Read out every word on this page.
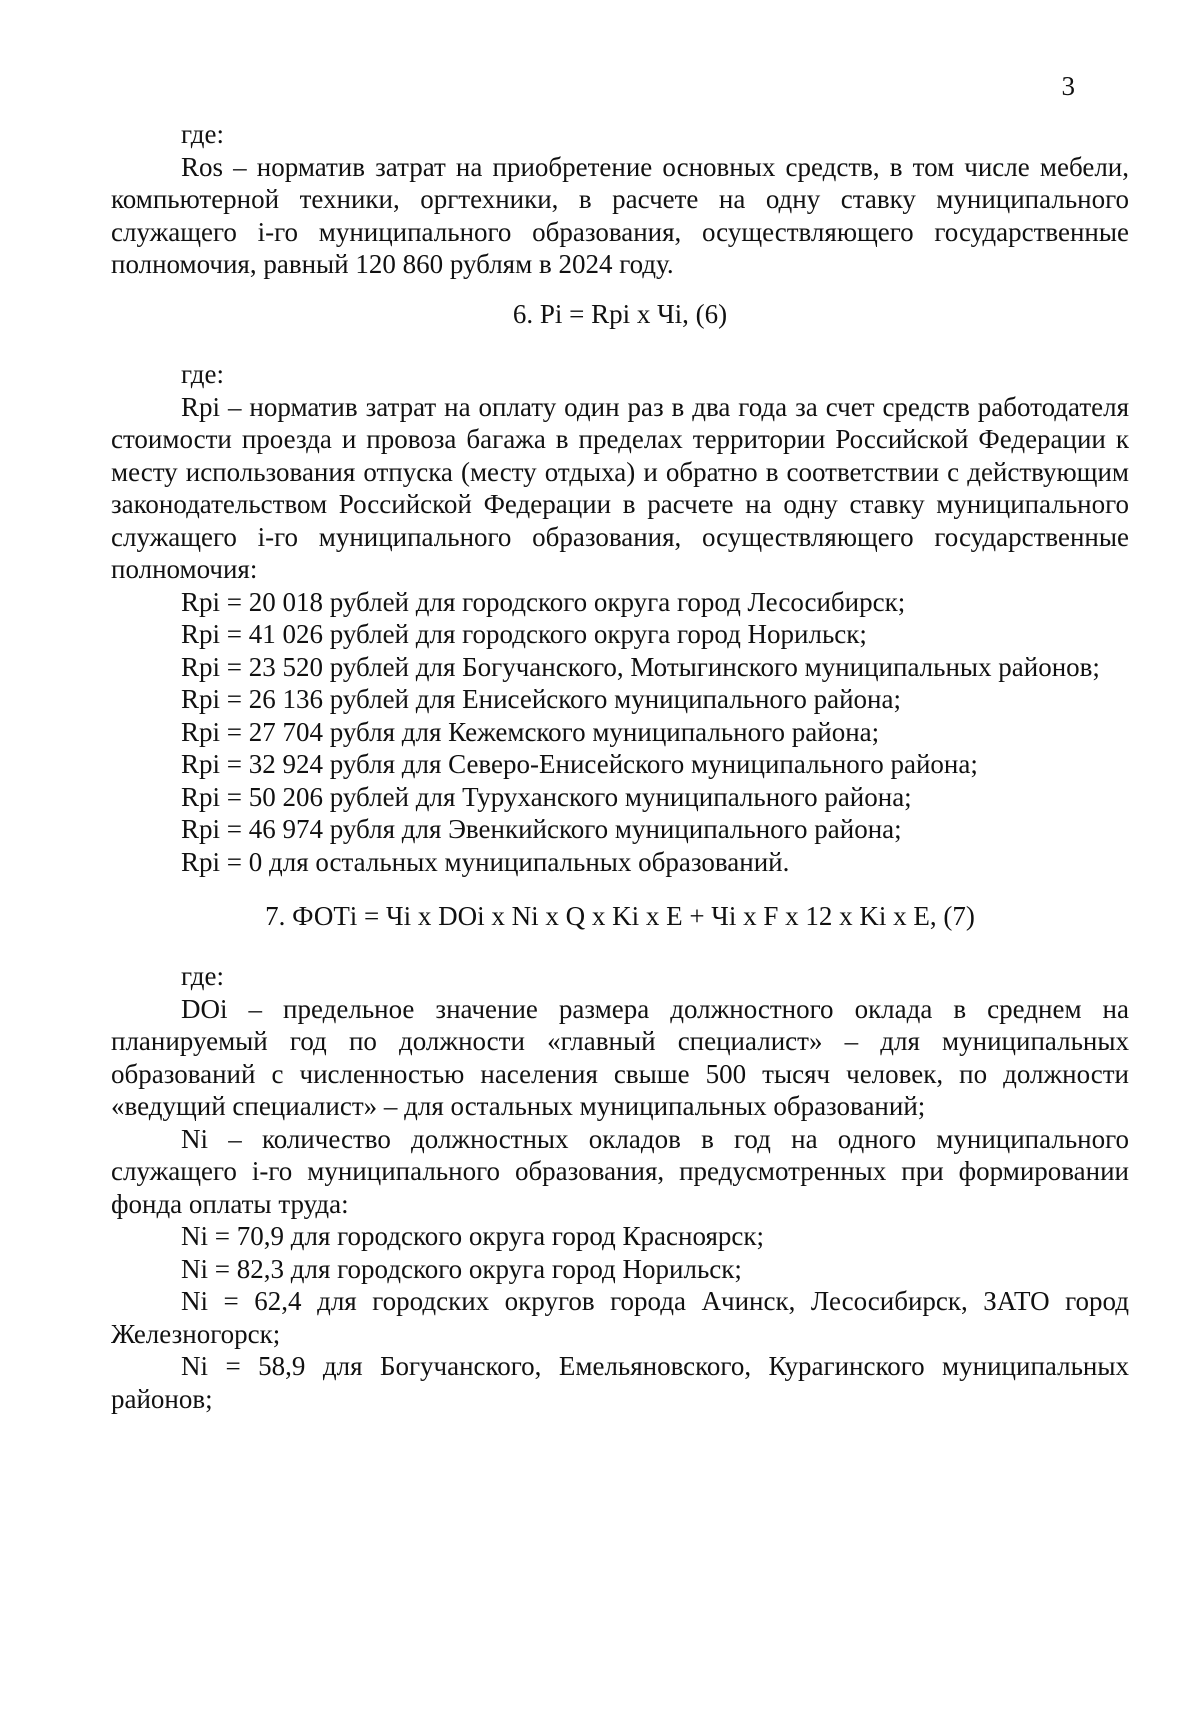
3

где:

Ros – норматив затрат на приобретение основных средств, в том числе мебели, компьютерной техники, оргтехники, в расчете на одну ставку муниципального служащего i-го муниципального образования, осуществляющего государственные полномочия, равный 120 860 рублям в 2024 году.

6. Pi = Rpi x Чi, (6)

где:

Rpi – норматив затрат на оплату один раз в два года за счет средств работодателя стоимости проезда и провоза багажа в пределах территории Российской Федерации к месту использования отпуска (месту отдыха) и обратно в соответствии с действующим законодательством Российской Федерации в расчете на одну ставку муниципального служащего i-го муниципального образования, осуществляющего государственные полномочия:

Rpi = 20 018 рублей для городского округа город Лесосибирск;

Rpi = 41 026 рублей для городского округа город Норильск;

Rpi = 23 520 рублей для Богучанского, Мотыгинского муниципальных районов;

Rpi = 26 136 рублей для Енисейского муниципального района;

Rpi = 27 704 рубля для Кежемского муниципального района;

Rpi = 32 924 рубля для Северо-Енисейского муниципального района;

Rpi = 50 206 рублей для Туруханского муниципального района;

Rpi = 46 974 рубля для Эвенкийского муниципального района;

Rpi = 0 для остальных муниципальных образований.

7. ФОТi = Чi x DOi x Ni x Q x Ki x E + Чi x F x 12 x Ki x E, (7)

где:

DOi – предельное значение размера должностного оклада в среднем на планируемый год по должности «главный специалист» – для муниципальных образований с численностью населения свыше 500 тысяч человек, по должности «ведущий специалист» – для остальных муниципальных образований;

Ni – количество должностных окладов в год на одного муниципального служащего i-го муниципального образования, предусмотренных при формировании фонда оплаты труда:

Ni = 70,9 для городского округа город Красноярск;

Ni = 82,3 для городского округа город Норильск;

Ni = 62,4 для городских округов города Ачинск, Лесосибирск, ЗАТО город Железногорск;

Ni = 58,9 для Богучанского, Емельяновского, Курагинского муниципальных районов;
